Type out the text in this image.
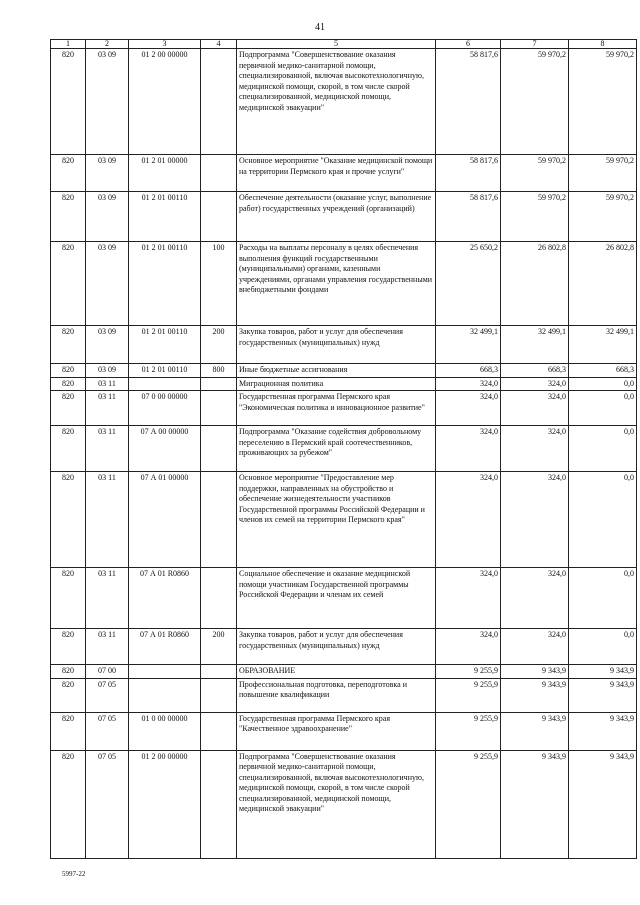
41
1	2	3	4	5	6	7	8
820	03 09	01 2 00 00000		Подпрограмма "Совершенствование оказания первичной медико-санитарной помощи, специализированной, включая высокотехнологичную, медицинской помощи, скорой, в том числе скорой специализированной, медицинской помощи, медицинской эвакуации"	58 817,6	59 970,2	59 970,2
820	03 09	01 2 01 00000		Основное мероприятие "Оказание медицинской помощи на территории Пермского края и прочие услуги"	58 817,6	59 970,2	59 970,2
820	03 09	01 2 01 00110		Обеспечение деятельности (оказание услуг, выполнение работ) государственных учреждений (организаций)	58 817,6	59 970,2	59 970,2
820	03 09	01 2 01 00110	100	Расходы на выплаты персоналу в целях обеспечения выполнения функций государственными (муниципальными) органами, казенными учреждениями, органами управления государственными внебюджетными фондами	25 650,2	26 802,8	26 802,8
820	03 09	01 2 01 00110	200	Закупка товаров, работ и услуг для обеспечения государственных (муниципальных) нужд	32 499,1	32 499,1	32 499,1
820	03 09	01 2 01 00110	800	Иные бюджетные ассигнования	668,3	668,3	668,3
820	03 11			Миграционная политика	324,0	324,0	0,0
820	03 11	07 0 00 00000		Государственная программа Пермского края "Экономическая политика и инновационное развитие"	324,0	324,0	0,0
820	03 11	07 А 00 00000		Подпрограмма "Оказание содействия добровольному переселению в Пермский край соотечественников, проживающих за рубежом"	324,0	324,0	0,0
820	03 11	07 А 01 00000		Основное мероприятие "Предоставление мер поддержки, направленных на обустройство и обеспечение жизнедеятельности участников Государственной программы Российской Федерации и членов их семей на территории Пермского края"	324,0	324,0	0,0
820	03 11	07 А 01 R0860		Социальное обеспечение и оказание медицинской помощи участникам Государственной программы Российской Федерации и членам их семей	324,0	324,0	0,0
820	03 11	07 А 01 R0860	200	Закупка товаров, работ и услуг для обеспечения государственных (муниципальных) нужд	324,0	324,0	0,0
820	07 00			ОБРАЗОВАНИЕ	9 255,9	9 343,9	9 343,9
820	07 05			Профессиональная подготовка, переподготовка и повышение квалификации	9 255,9	9 343,9	9 343,9
820	07 05	01 0 00 00000		Государственная программа Пермского края "Качественное здравоохранение"	9 255,9	9 343,9	9 343,9
820	07 05	01 2 00 00000		Подпрограмма "Совершенствование оказания первичной медико-санитарной помощи, специализированной, включая высокотехнологичную, медицинской помощи, скорой, в том числе скорой специализированной, медицинской помощи, медицинской эвакуации"	9 255,9	9 343,9	9 343,9
5997-22
